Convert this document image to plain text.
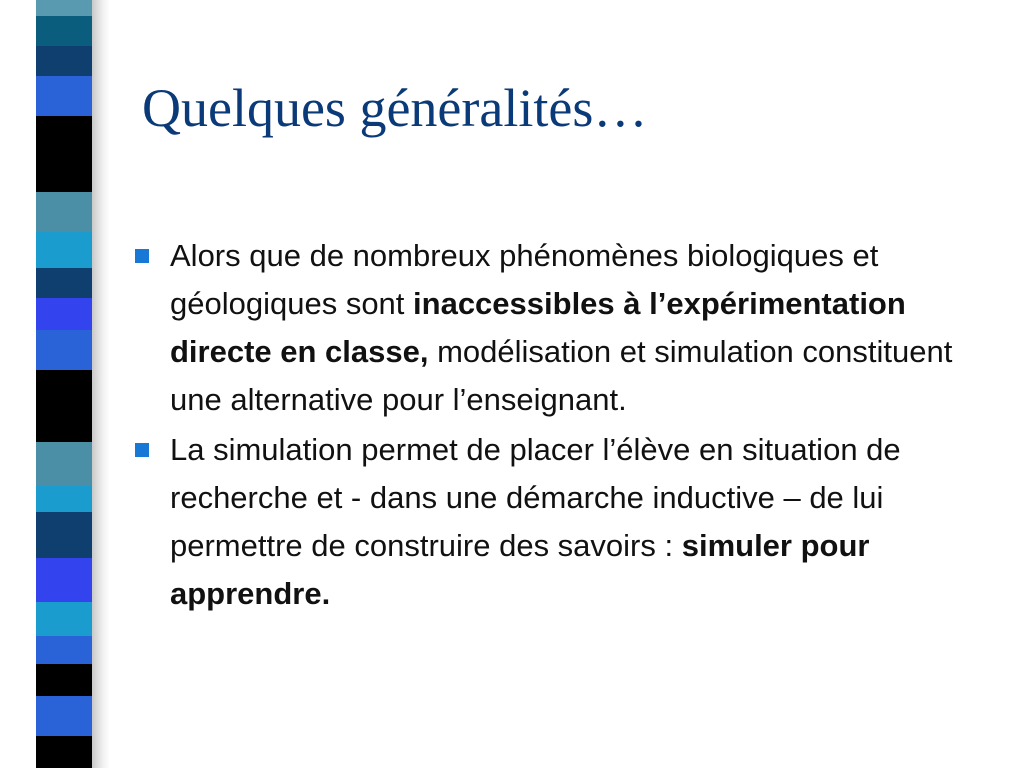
Quelques généralités…
Alors que de nombreux phénomènes biologiques et géologiques sont inaccessibles à l’expérimentation directe en classe, modélisation et simulation constituent une alternative pour l’enseignant.
La simulation permet de placer l’élève en situation de recherche et - dans une démarche inductive – de lui permettre de construire des savoirs : simuler pour apprendre.
